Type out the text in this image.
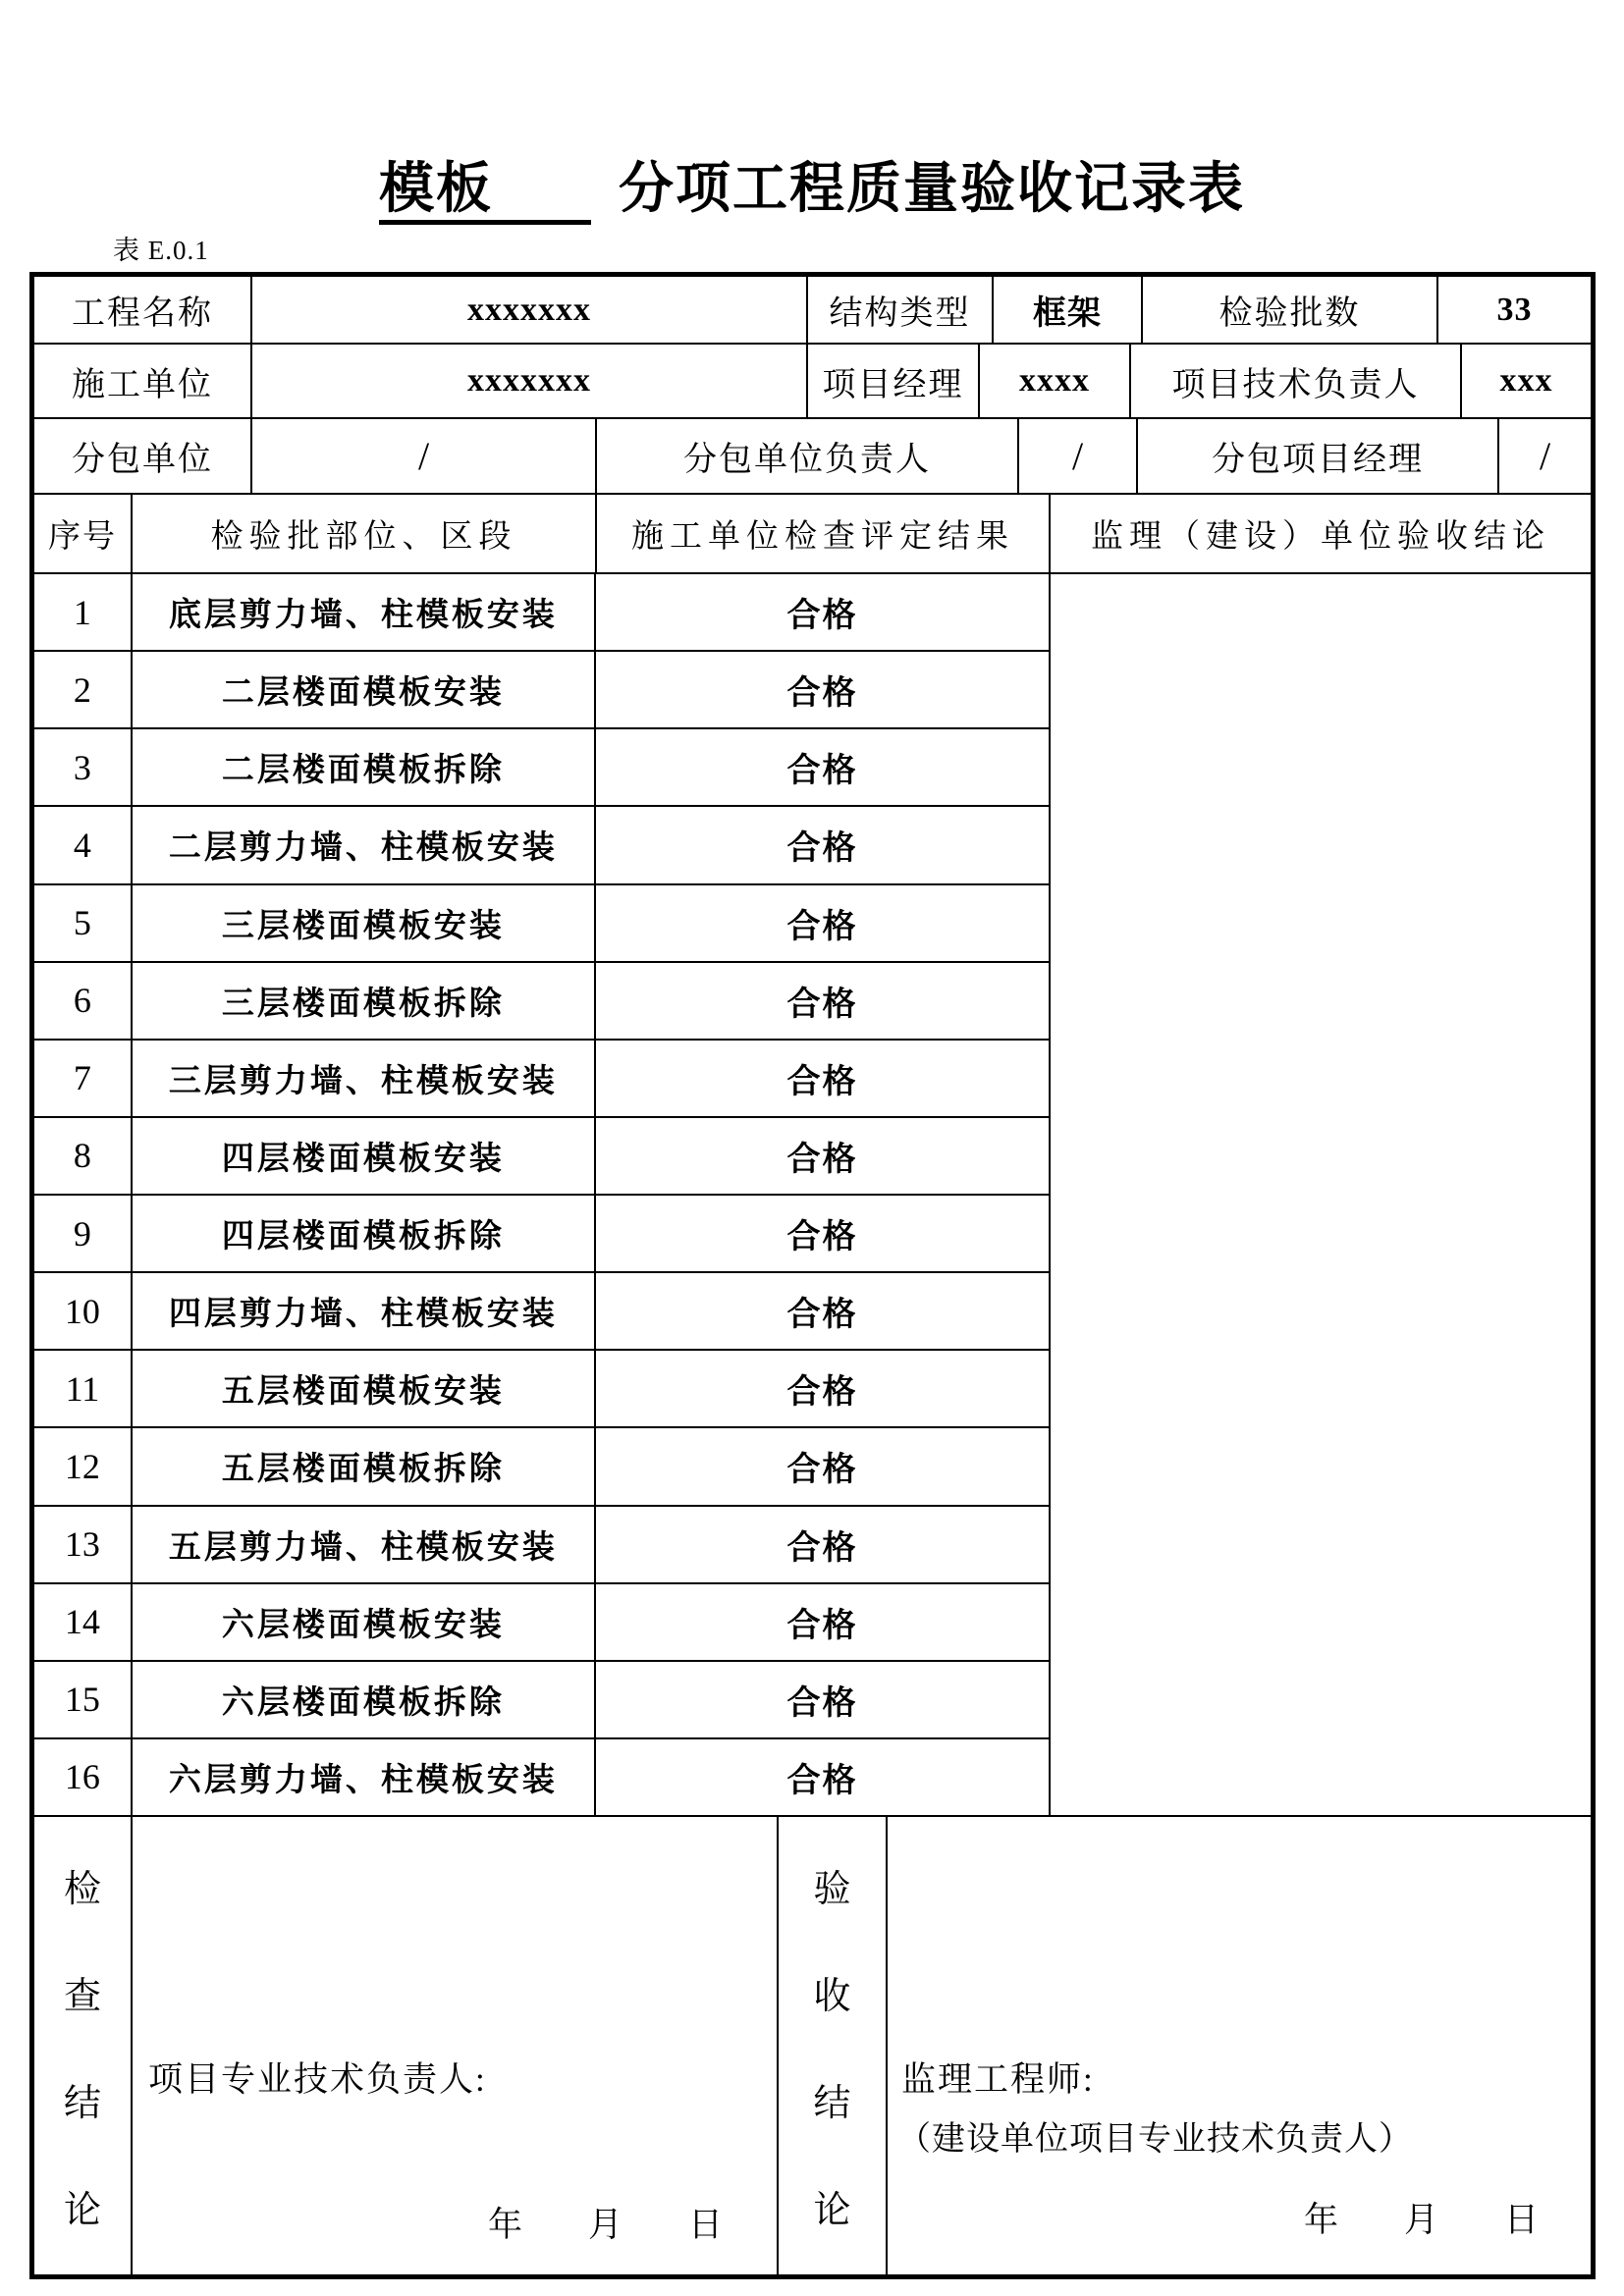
模板 分项工程质量验收记录表
表 E.0.1
工程名称	xxxxxxx	结构类型	框架	检验批数	33
施工单位	xxxxxxx	项目经理	xxxx	项目技术负责人	xxx
分包单位	/	分包单位负责人	/	分包项目经理	/
序号	检验批部位、区段	施工单位检查评定结果	监理（建设）单位验收结论
1	底层剪力墙、柱模板安装	合格
2	二层楼面模板安装	合格
3	二层楼面模板拆除	合格
4	二层剪力墙、柱模板安装	合格
5	三层楼面模板安装	合格
6	三层楼面模板拆除	合格
7	三层剪力墙、柱模板安装	合格
8	四层楼面模板安装	合格
9	四层楼面模板拆除	合格
10	四层剪力墙、柱模板安装	合格
11	五层楼面模板安装	合格
12	五层楼面模板拆除	合格
13	五层剪力墙、柱模板安装	合格
14	六层楼面模板安装	合格
15	六层楼面模板拆除	合格
16	六层剪力墙、柱模板安装	合格
检
查
结
论
项目专业技术负责人:
年　月　日
验
收
结
论
监理工程师:
（建设单位项目专业技术负责人）
年　月　日
